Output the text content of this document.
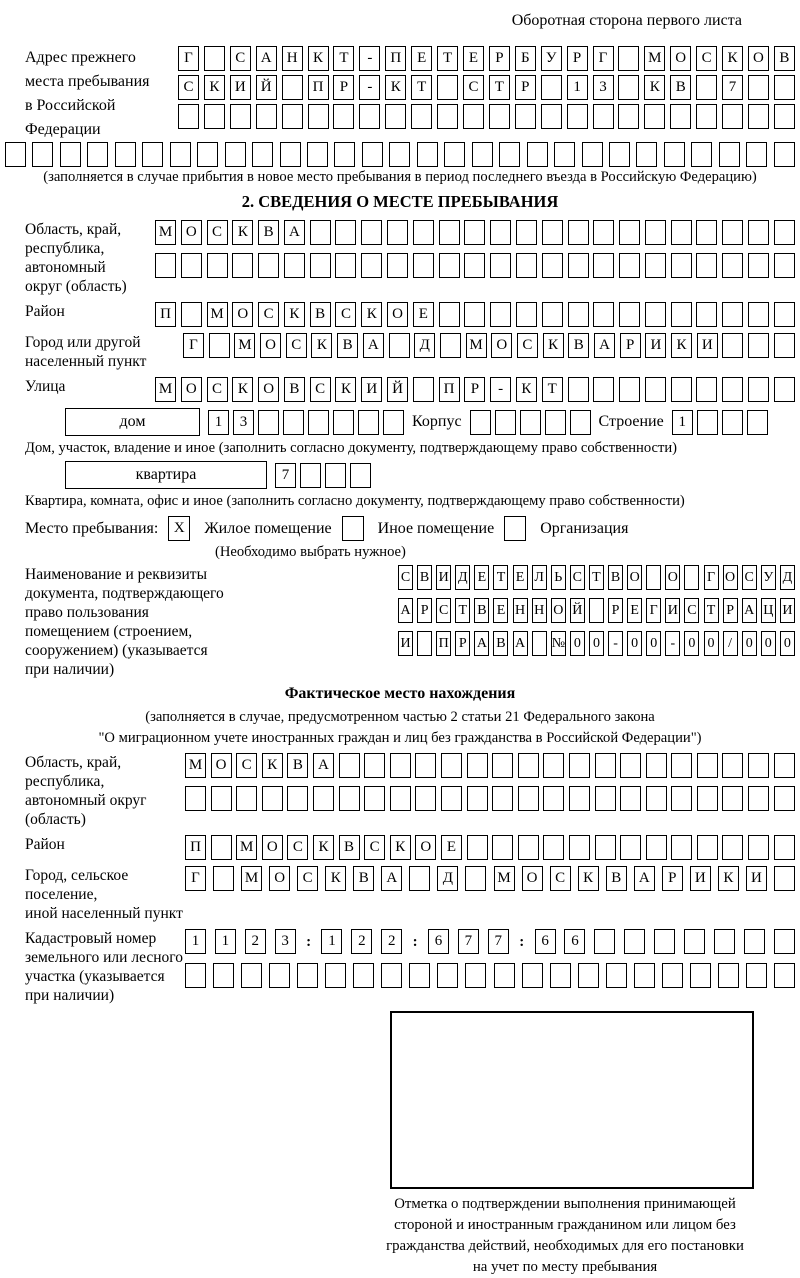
Оборотная сторона первого листа
Адрес прежнего
места пребывания
в Российской
Федерации
Г	С	А	Н	К	Т	-	П	Е	Т	Е	Р	Б	У	Р	Г	М О	С	К	О	В
С	К	И	Й	П	Р	-	К	Т	С	Т	Р	1	3	К	В	7
(заполняется в случае прибытия в новое место пребывания в период последнего въезда в Российскую Федерацию)
2. СВЕДЕНИЯ О МЕСТЕ ПРЕБЫВАНИЯ
Область, край,
республика,
автономный
округ (область)
М О	С	К	В	А
Район	П	М О	С	К	В	С	К	О	Е
Город или другой
населенный пункт
Г	М О	С	К	В	А	Д	М О	С	К	В	А	Р	И	К	И
Улица	М О	С	К	О	В	С	К	И Й	П	Р	-	К	Т
дом	1	3	Корпус	Строение 1
Дом, участок, владение и иное (заполнить согласно документу, подтверждающему право собственности)
квартира	7
Квартира, комната, офис и иное (заполнить согласно документу, подтверждающему право собственности)
Место пребывания:	X	Жилое помещение	Иное помещение	Организация
(Необходимо выбрать нужное)
Наименование и реквизиты
документа, подтверждающего
право пользования
помещением (строением,
сооружением) (указывается
при наличии)
С В И Д Е Т Е Л Ь С Т В О О Г О С У Д
А Р С Т В Е Н Н О Й Р Е Г И С Т Р А Ц И
И П Р А В А № 0 0 - 0 0 - 0 0 / 0 0 0
Фактическое место нахождения
(заполняется в случае, предусмотренном частью 2 статьи 21 Федерального закона
"О миграционном учете иностранных граждан и лиц без гражданства в Российской Федерации")
Область, край,
республика,
автономный округ
(область)
М О	С	К	В	А
Район	П	М О	С	К	В	С	К	О	Е
Город, сельское поселение,
иной населенный пункт
Г	М	О	С	К	В	А	Д	М	О	С	К	В	А	Р	И	К	И
Кадастровый номер
земельного или лесного
участка (указывается
при наличии)
1	1	2	3	:	1	2	2	:	6	7	7	:	6	6
Отметка о подтверждении выполнения принимающей
стороной и иностранным гражданином или лицом без
гражданства действий, необходимых для его постановки
на учет по месту пребывания
